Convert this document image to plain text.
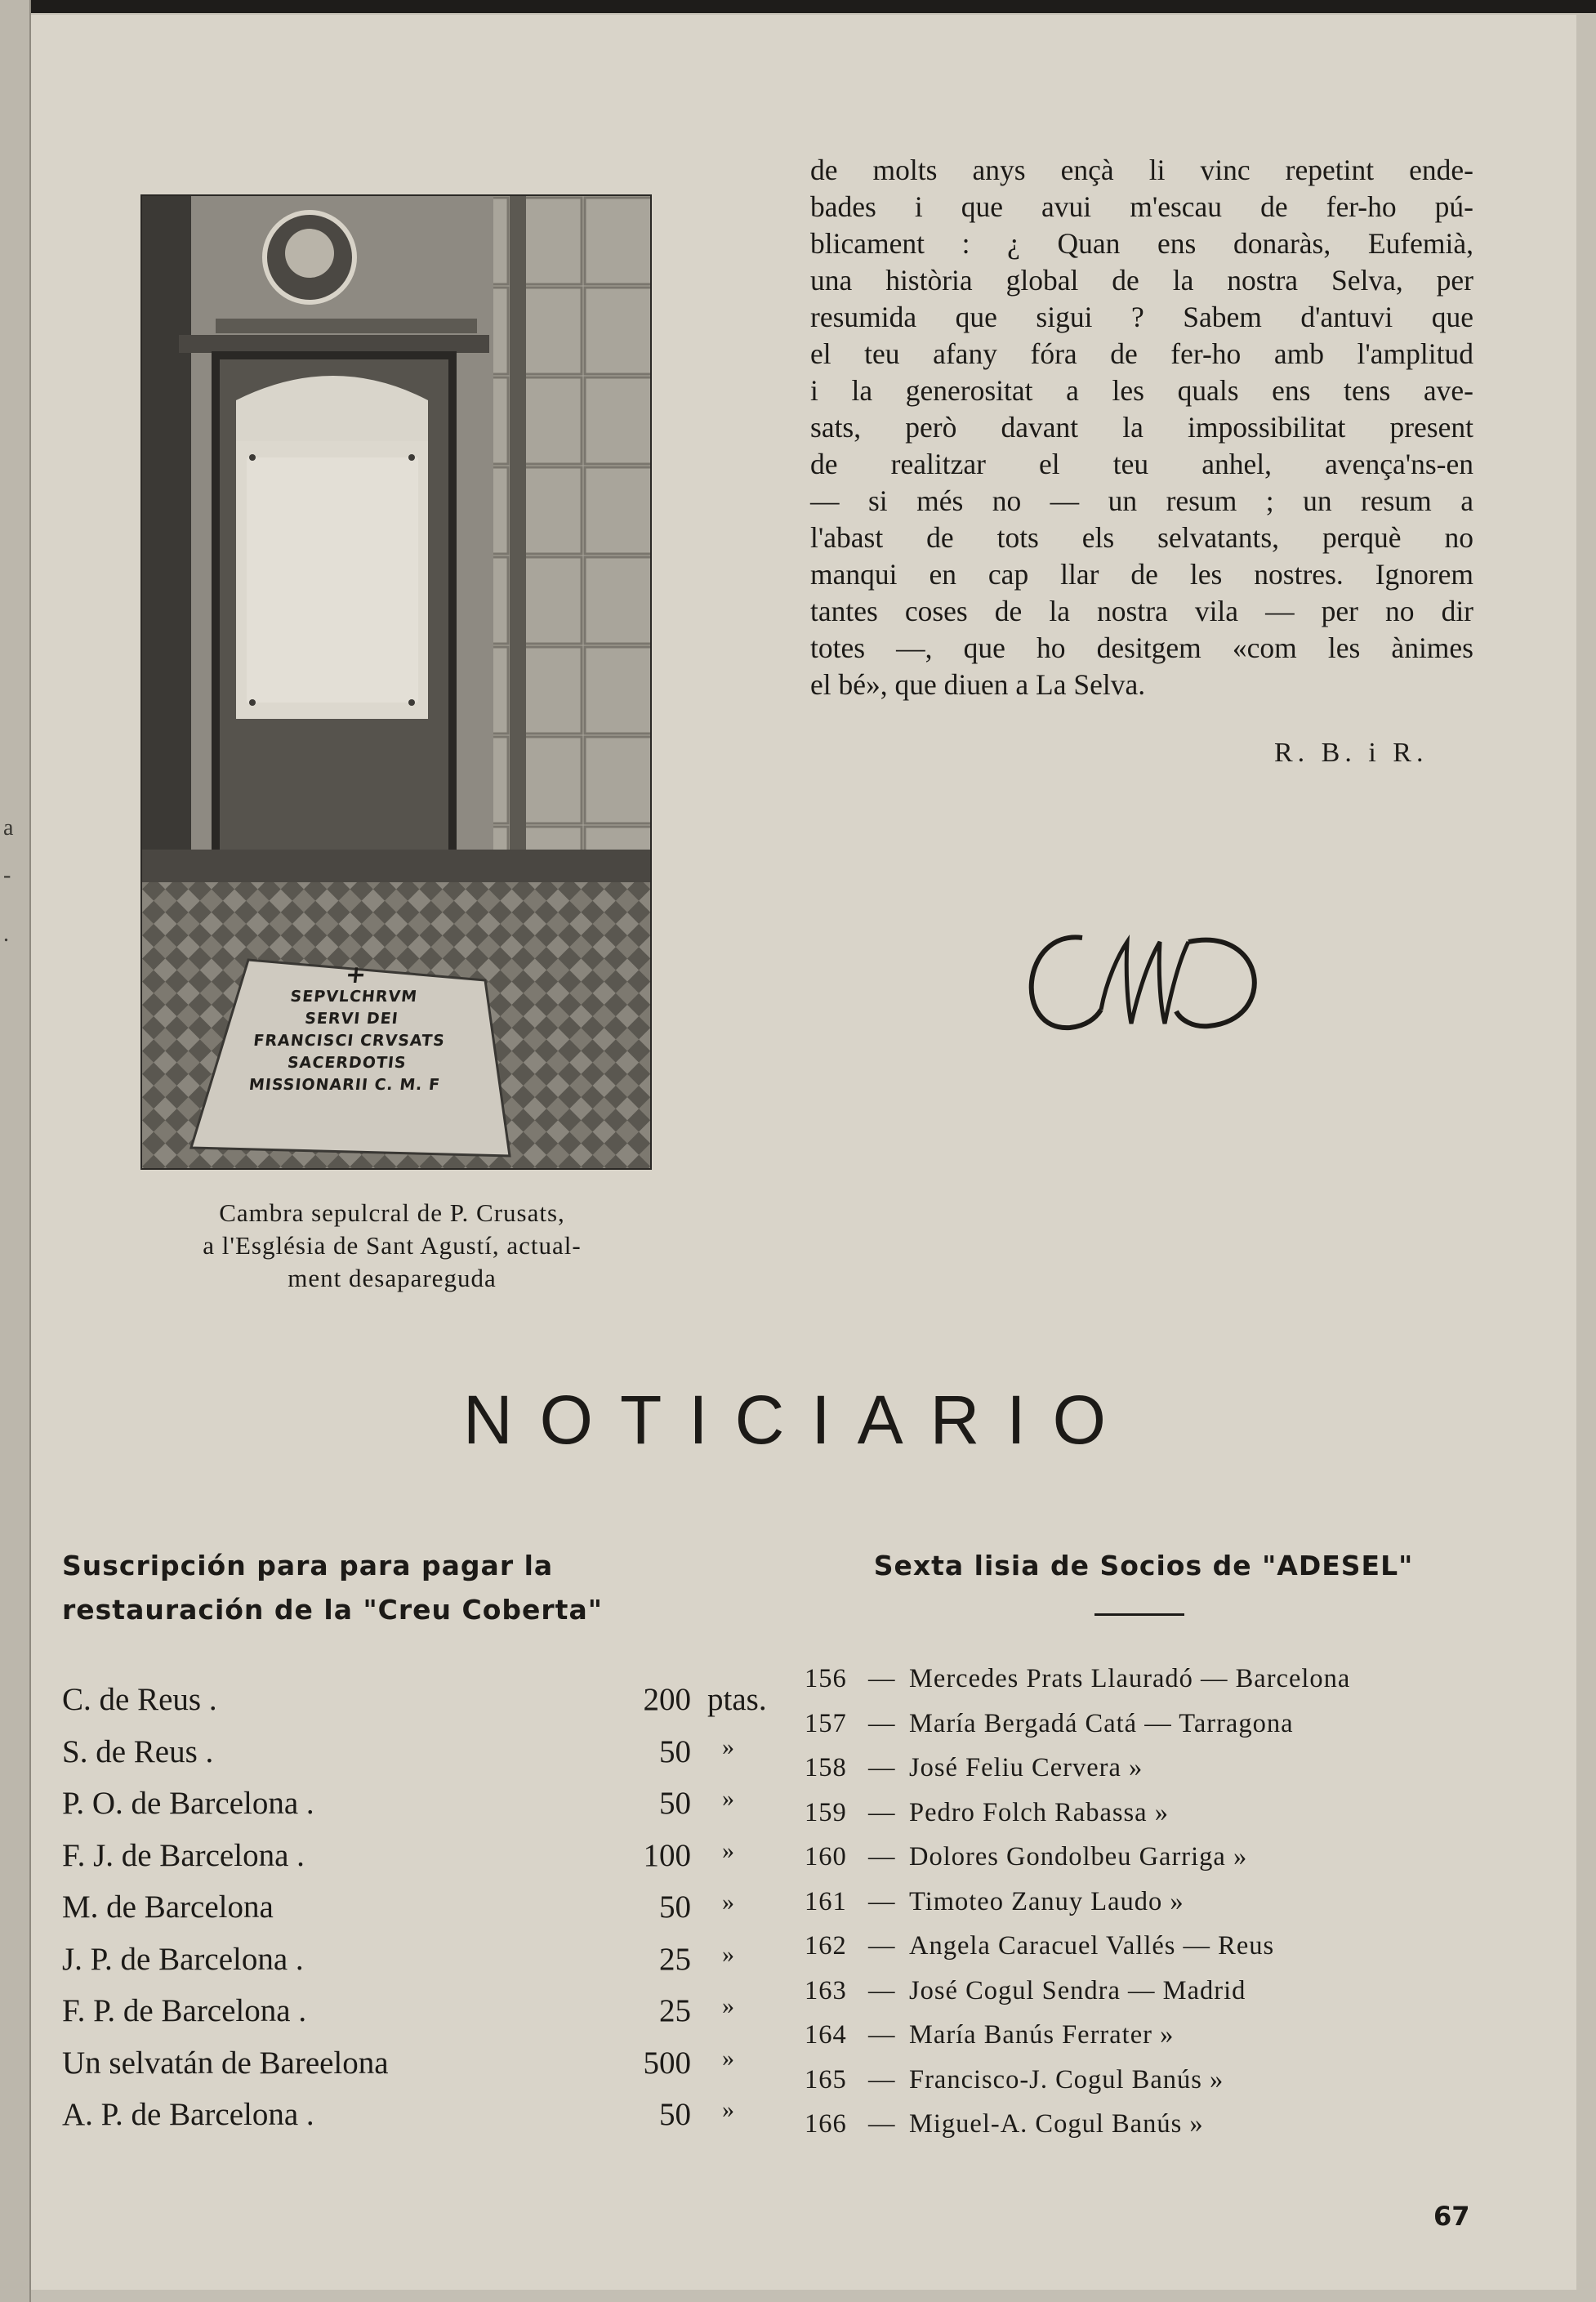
a
-
.
+
SEPVLCHRVM
SERVI DEI
FRANCISCI CRVSATS
SACERDOTIS
MISSIONARII C. M. F
Cambra sepulcral de P. Crusats,
a l'Església de Sant Agustí, actual-
ment desapareguda
de molts anys ençà li vinc repetint ende-
bades i que avui m'escau de fer-ho pú-
blicament : ¿ Quan ens donaràs, Eufemià,
una història global de la nostra Selva, per
resumida que sigui ? Sabem d'antuvi que
el teu afany fóra de fer-ho amb l'amplitud
i la generositat a les quals ens tens ave-
sats, però davant la impossibilitat present
de realitzar el teu anhel, avença'ns-en
— si més no — un resum ; un resum a
l'abast de tots els selvatants, perquè no
manqui en cap llar de les nostres. Ignorem
tantes coses de la nostra vila — per no dir
totes —, que ho desitgem «com les ànimes
el bé», que diuen a La Selva.
R. B. i R.
NOTICIARIO
Suscripción para para pagar la
restauración de la "Creu Coberta"
Sexta lisia de Socios de "ADESEL"
C. de Reus .	200 ptas.
S. de Reus .	50 »
P. O. de Barcelona .	50 »
F. J. de Barcelona .	100 »
M. de Barcelona	50 »
J. P. de Barcelona .	25 »
F. P. de Barcelona .	25 »
Un selvatán de Bareelona	500 »
A. P. de Barcelona .	50 »
156 — Mercedes Prats Llauradó — Barcelona
157 — María Bergadá Catá — Tarragona
158 — José Feliu Cervera »
159 — Pedro Folch Rabassa »
160 — Dolores Gondolbeu Garriga »
161 — Timoteo Zanuy Laudo »
162 — Angela Caracuel Vallés — Reus
163 — José Cogul Sendra — Madrid
164 — María Banús Ferrater »
165 — Francisco-J. Cogul Banús »
166 — Miguel-A. Cogul Banús »
67
